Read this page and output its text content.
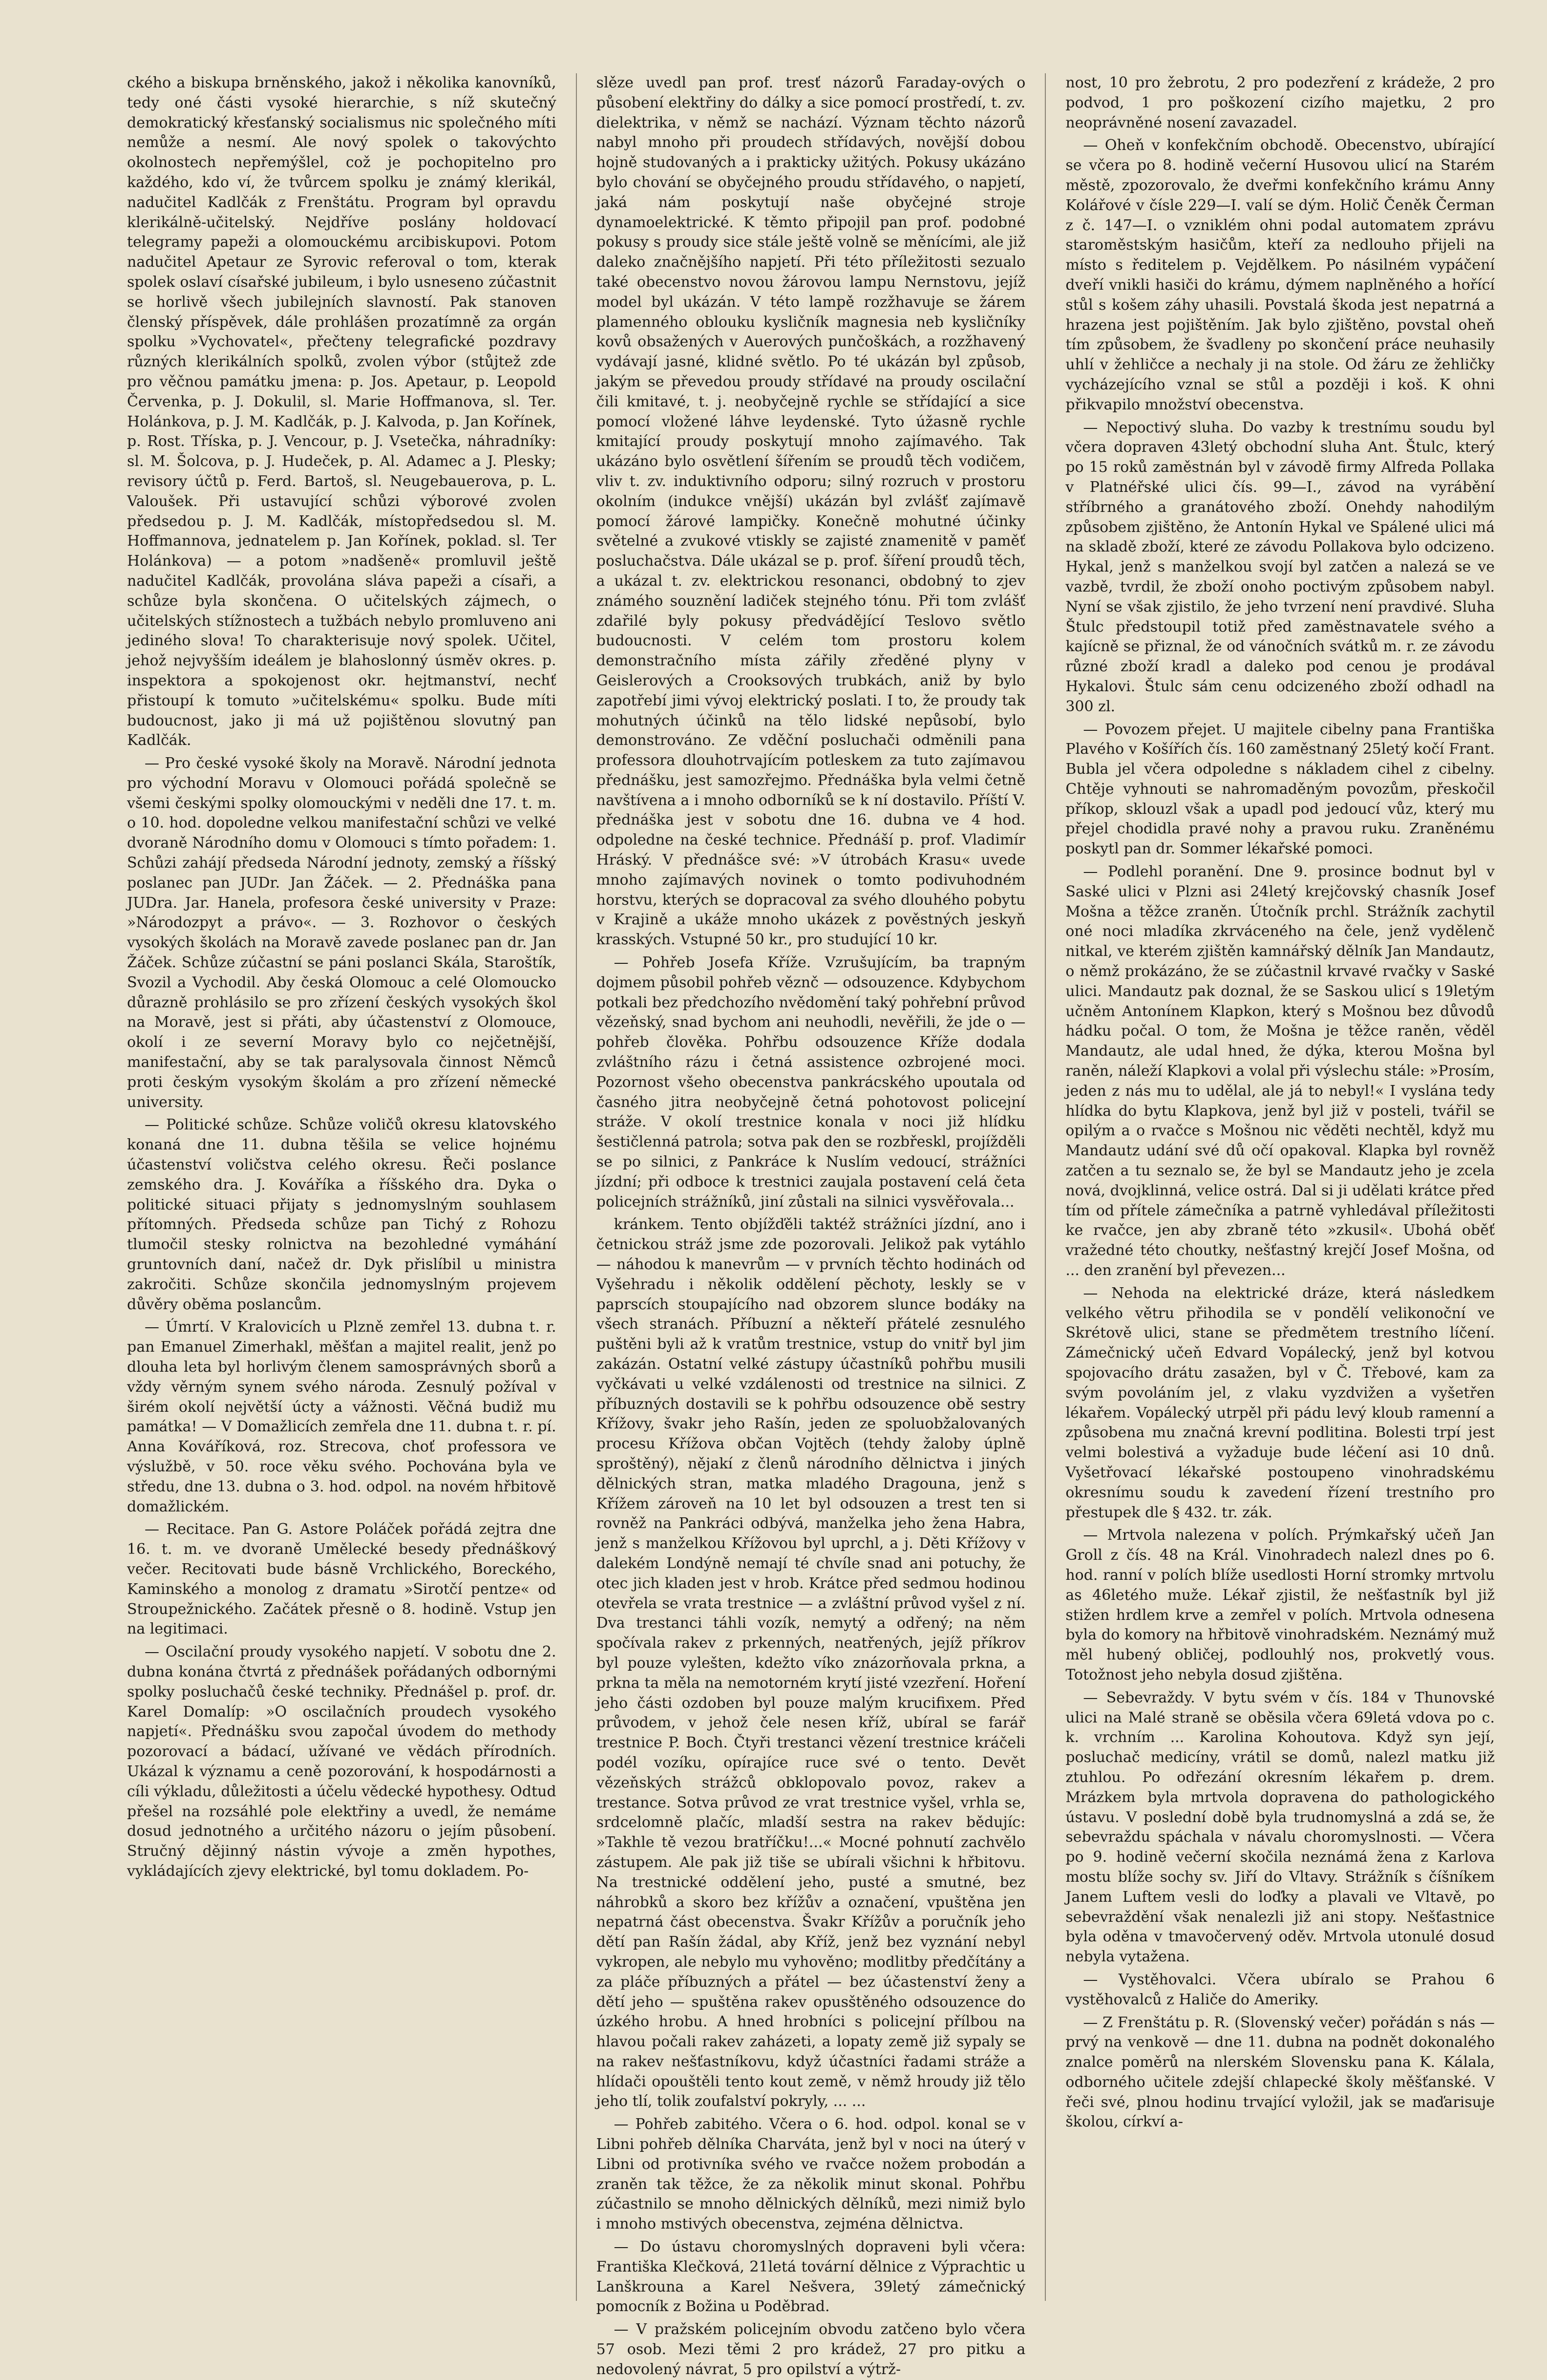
ckého a biskupa brněnského, jakož i několika kanovníků, tedy oné části vysoké hierarchie, s níž skutečný demokratický křesťanský socialismus nic společného míti nemůže a nesmí. Ale nový spolek o takovýchto okolnostech nepřemýšlel, což je pochopitelno pro každého, kdo ví, že tvůrcem spolku je známý klerikál, nadučitel Kadlčák z Frenštátu. Program byl opravdu klerikálně-učitelský. Nejdříve poslány holdovací telegramy papeži a olomouckému arcibiskupovi. Potom nadučitel Apetaur ze Syrovic referoval o tom, kterak spolek oslaví císařské jubileum, i bylo usneseno zúčastnit se horlivě všech jubilejních slavností. Pak stanoven členský příspěvek, dále prohlášen prozatímně za orgán spolku »Vychovatel«, přečteny telegrafické pozdravy různých klerikálních spolků, zvolen výbor (stůjtež zde pro věčnou památku jmena: p. Jos. Apetaur, p. Leopold Červenka, p. J. Dokulil, sl. Marie Hoffmanova, sl. Ter. Holánkova, p. J. M. Kadlčák, p. J. Kalvoda, p. Jan Kořínek, p. Rost. Tříska, p. J. Vencour, p. J. Vsetečka, náhradníky: sl. M. Šolcova, p. J. Hudeček, p. Al. Adamec a J. Plesky; revisory účtů p. Ferd. Bartoš, sl. Neugebauerova, p. L. Valoušek. Při ustavující schůzi výborové zvolen předsedou p. J. M. Kadlčák, místopředsedou sl. M. Hoffmannova, jednatelem p. Jan Kořínek, poklad. sl. Ter Holánkova) — a potom »nadšeně« promluvil ještě nadučitel Kadlčák, provolána sláva papeži a císaři, a schůze byla skončena. O učitelských zájmech, o učitelských stížnostech a tužbách nebylo promluveno ani jediného slova! To charakterisuje nový spolek. Učitel, jehož nejvyšším ideálem je blahoslonný úsměv okres. p. inspektora a spokojenost okr. hejtmanství, nechť přistoupí k tomuto »učitelskému« spolku. Bude míti budoucnost, jako ji má už pojištěnou slovutný pan Kadlčák.

— Pro české vysoké školy na Moravě. Národní jednota pro východní Moravu v Olomouci pořádá společně se všemi českými spolky olomouckými v neděli dne 17. t. m. o 10. hod. dopoledne velkou manifestační schůzi ve velké dvoraně Národního domu v Olomouci s tímto pořadem: 1. Schůzi zahájí předseda Národní jednoty, zemský a říšský poslanec pan JUDr. Jan Žáček. — 2. Přednáška pana JUDra. Jar. Hanela, profesora české university v Praze: »Národozpyt a právo«. — 3. Rozhovor o českých vysokých školách na Moravě zavede poslanec pan dr. Jan Žáček. Schůze zúčastní se páni poslanci Skála, Staroštík, Svozil a Vychodil. Aby česká Olomouc a celé Olomoucko důrazně prohlásilo se pro zřízení českých vysokých škol na Moravě, jest si přáti, aby účastenství z Olomouce, okolí i ze severní Moravy bylo co nejčetnější, manifestační, aby se tak paralysovala činnost Němců proti českým vysokým školám a pro zřízení německé university.

— Politické schůze. Schůze voličů okresu klatovského konaná dne 11. dubna těšila se velice hojnému účastenství voličstva celého okresu. Řeči poslance zemského dra. J. Kováříka a říšského dra. Dyka o politické situaci přijaty s jednomyslným souhlasem přítomných. Předseda schůze pan Tichý z Rohozu tlumočil stesky rolnictva na bezohledné vymáhání gruntovních daní, načež dr. Dyk přislíbil u ministra zakročiti. Schůze skončila jednomyslným projevem důvěry oběma poslancům.

— Úmrtí. V Kralovicích u Plzně zemřel 13. dubna t. r. pan Emanuel Zimerhakl, měšťan a majitel realit, jenž po dlouha leta byl horlivým členem samosprávných sborů a vždy věrným synem svého národa. Zesnulý požíval v širém okolí největší úcty a vážnosti. Věčná budiž mu památka! — V Domažlicích zemřela dne 11. dubna t. r. pí. Anna Kováříková, roz. Strecova, choť professora ve výslužbě, v 50. roce věku svého. Pochována byla ve středu, dne 13. dubna o 3. hod. odpol. na novém hřbitově domažlickém.

— Recitace. Pan G. Astore Poláček pořádá zejtra dne 16. t. m. ve dvoraně Umělecké besedy přednáškový večer. Recitovati bude básně Vrchlického, Boreckého, Kaminského a monolog z dramatu »Sirotčí pentze« od Stroupežnického. Začátek přesně o 8. hodině. Vstup jen na legitimaci.

— Oscilační proudy vysokého napjetí. V sobotu dne 2. dubna konána čtvrtá z přednášek pořádaných odbornými spolky posluchačů české techniky. Přednášel p. prof. dr. Karel Domalíp: »O oscilačních proudech vysokého napjetí«. Přednášku svou započal úvodem do methody pozorovací a bádací, užívané ve vědách přírodních. Ukázal k významu a ceně pozorování, k hospodárnosti a cíli výkladu, důležitosti a účelu vědecké hypothesy. Odtud přešel na rozsáhlé pole elektřiny a uvedl, že nemáme dosud jednotného a určitého názoru o jejím působení. Stručný dějinný nástin vývoje a změn hypothes, vykládajících zjevy elektrické, byl tomu dokladem. Po-

slěze uvedl pan prof. tresť názorů Faraday-ových o působení elektřiny do dálky a sice pomocí prostředí, t. zv. dielektrika, v němž se nachází. Význam těchto názorů nabyl mnoho při proudech střídavých, novější dobou hojně studovaných a i prakticky užitých. Pokusy ukázáno bylo chování se obyčejného proudu střídavého, o napjetí, jaká nám poskytují naše obyčejné stroje dynamoelektrické. K těmto připojil pan prof. podobné pokusy s proudy sice stále ještě volně se měnícími, ale již daleko značnějšího napjetí. Při této příležitosti sezualo také obecenstvo novou žárovou lampu Nernstovu, jejíž model byl ukázán. V této lampě rozžhavuje se žárem plamenného oblouku kysličník magnesia neb kysličníky kovů obsažených v Auerových punčoškách, a rozžhavený vydávají jasné, klidné světlo. Po té ukázán byl způsob, jakým se převedou proudy střídavé na proudy oscilační čili kmitavé, t. j. neobyčejně rychle se střídající a sice pomocí vložené láhve leydenské. Tyto úžasně rychle kmitající proudy poskytují mnoho zajímavého. Tak ukázáno bylo osvětlení šířením se proudů těch vodičem, vliv t. zv. induktivního odporu; silný rozruch v prostoru okolním (indukce vnější) ukázán byl zvlášť zajímavě pomocí žárové lampičky. Konečně mohutné účinky světelné a zvukové vtiskly se zajisté znamenitě v paměť posluchačstva. Dále ukázal se p. prof. šíření proudů těch, a ukázal t. zv. elektrickou resonanci, obdobný to zjev známého souznění ladiček stejného tónu. Při tom zvlášť zdařilé byly pokusy předvádějící Teslovo světlo budoucnosti. V celém tom prostoru kolem demonstračního místa zářily zředěné plyny v Geislerových a Crooksových trubkách, aniž by bylo zapotřebí jimi vývoj elektrický poslati. I to, že proudy tak mohutných účinků na tělo lidské nepůsobí, bylo demonstrováno. Ze vděční posluchači odměnili pana professora dlouhotrvajícím potleskem za tuto zajímavou přednášku, jest samozřejmo. Přednáška byla velmi četně navštívena a i mnoho odborníků se k ní dostavilo. Příští V. přednáška jest v sobotu dne 16. dubna ve 4 hod. odpoledne na české technice. Přednáší p. prof. Vladimír Hráský. V přednášce své: »V útrobách Krasu« uvede mnoho zajímavých novinek o tomto podivuhodném horstvu, kterých se dopracoval za svého dlouhého pobytu v Krajině a ukáže mnoho ukázek z pověstných jeskyň krasských. Vstupné 50 kr., pro studující 10 kr.

— Pohřeb Josefa Kříže. Vzrušujícím, ba trapným dojmem působil pohřeb věznč — odsouzence. Kdybychom potkali bez předchozího nvědomění taký pohřební průvod vězeňský, snad bychom ani neuhodli, nevěřili, že jde o — pohřeb člověka. Pohřbu odsouzence Kříže dodala zvláštního rázu i četná assistence ozbrojené moci. Pozornost všeho obecenstva pankrácského upoutala od časného jitra neobyčejně četná pohotovost policejní stráže. V okolí trestnice konala v noci již hlídku šestičlenná patrola; sotva pak den se rozbřeskl, projížděli se po silnici, z Pankráce k Nuslím vedoucí, strážníci jízdní; při odboce k trestnici zaujala postavení celá četa policejních strážníků, jiní zůstali na silnici vysvěřovala...

kránkem. Tento objížďěli taktéž strážníci jízdní, ano i četnickou stráž jsme zde pozorovali. Jelikož pak vytáhlo — náhodou k manevrům — v prvních těchto hodinách od Vyšehradu i několik oddělení pěchoty, leskly se v paprscích stoupajícího nad obzorem slunce bodáky na všech stranách. Příbuzní a někteří přátelé zesnulého puštěni byli až k vratům trestnice, vstup do vnitř byl jim zakázán. Ostatní velké zástupy účastníků pohřbu musili vyčkávati u velké vzdálenosti od trestnice na silnici. Z příbuzných dostavili se k pohřbu odsouzence obě sestry Křížovy, švakr jeho Rašín, jeden ze spoluobžalovaných procesu Křížova občan Vojtěch (tehdy žaloby úplně sproštěný), nějakí z členů národního dělnictva i jiných dělnických stran, matka mladého Dragouna, jenž s Křížem zároveň na 10 let byl odsouzen a trest ten si rovněž na Pankráci odbývá, manželka jeho žena Habra, jenž s manželkou Křížovou byl uprchl, a j. Děti Křížovy v dalekém Londýně nemají té chvíle snad ani potuchy, že otec jich kladen jest v hrob. Krátce před sedmou hodinou otevřela se vrata trestnice — a zvláštní průvod vyšel z ní. Dva trestanci táhli vozík, nemytý a odřený; na něm spočívala rakev z prkenných, neatřených, jejíž příkrov byl pouze vylešten, kdežto víko znázorňovala prkna, a prkna ta měla na nemotorném krytí jisté vzezření. Hoření jeho části ozdoben byl pouze malým krucifixem. Před průvodem, v jehož čele nesen kříž, ubíral se farář trestnice P. Boch. Čtyři trestanci vězení trestnice kráčeli podél vozíku, opírajíce ruce své o tento. Devět vězeňských strážců obklopovalo povoz, rakev a trestance. Sotva průvod ze vrat trestnice vyšel, vrhla se, srdcelomně plačíc, mladší sestra na rakev bědujíc: »Takhle tě vezou bratříčku!...« Mocné pohnutí zachvělo zástupem. Ale pak již tiše se ubírali všichni k hřbitovu. Na trestnické oddělení jeho, pusté a smutné, bez náhrobků a skoro bez křížův a označení, vpuštěna jen nepatrná část obecenstva. Švakr Křížův a poručník jeho dětí pan Rašín žádal, aby Kříž, jenž bez vyznání nebyl vykropen, ale nebylo mu vyhověno; modlitby předčítány a za pláče příbuzných a přátel — bez účastenství ženy a dětí jeho — spuštěna rakev opusštěného odsouzence do úzkého hrobu. A hned hrobníci s policejní přílbou na hlavou počali rakev zaházeti, a lopaty země již sypaly se na rakev nešťastníkovu, když účastníci řadami stráže a hlídači opouštěli tento kout země, v němž hroudy již tělo jeho tlí, tolik zoufalství pokryly, ... ...

— Pohřeb zabitého. Včera o 6. hod. odpol. konal se v Libni pohřeb dělníka Charváta, jenž byl v noci na úterý v Libni od protivníka svého ve rvačce nožem probodán a zraněn tak těžce, že za několik minut skonal. Pohřbu zúčastnilo se mnoho dělnických dělníků, mezi nimiž bylo i mnoho mstivých obecenstva, zejména dělnictva.

— Do ústavu choromyslných dopraveni byli včera: Františka Klečková, 21letá tovární dělnice z Výprachtic u Lanškrouna a Karel Nešvera, 39letý zámečnický pomocník z Božina u Poděbrad.

— V pražském policejním obvodu zatčeno bylo včera 57 osob. Mezi těmi 2 pro krádež, 27 pro pitku a nedovolený návrat, 5 pro opilství a výtrž-

nost, 10 pro žebrotu, 2 pro podezření z krádeže, 2 pro podvod, 1 pro poškození cizího majetku, 2 pro neoprávněné nosení zavazadel.

— Oheň v konfekčním obchodě. Obecenstvo, ubírající se včera po 8. hodině večerní Husovou ulicí na Starém městě, zpozorovalo, že dveřmi konfekčního krámu Anny Kolářové v čísle 229—I. valí se dým. Holič Čeněk Čerman z č. 147—I. o vzniklém ohni podal automatem zprávu staroměstským hasičům, kteří za nedlouho přijeli na místo s ředitelem p. Vejdělkem. Po násilném vypáčení dveří vnikli hasiči do krámu, dýmem naplněného a hořící stůl s košem záhy uhasili. Povstalá škoda jest nepatrná a hrazena jest pojištěním. Jak bylo zjištěno, povstal oheň tím způsobem, že švadleny po skončení práce neuhasily uhlí v žehličce a nechaly ji na stole. Od žáru ze žehličky vycházejícího vznal se stůl a později i koš. K ohni přikvapilo množství obecenstva.

— Nepoctivý sluha. Do vazby k trestnímu soudu byl včera dopraven 43letý obchodní sluha Ant. Štulc, který po 15 roků zaměstnán byl v závodě firmy Alfreda Pollaka v Platnéřské ulici čís. 99—I., závod na vyrábění stříbrného a granátového zboží. Onehdy nahodilým způsobem zjištěno, že Antonín Hykal ve Spálené ulici má na skladě zboží, které ze závodu Pollakova bylo odcizeno. Hykal, jenž s manželkou svojí byl zatčen a nalezá se ve vazbě, tvrdil, že zboží onoho poctivým způsobem nabyl. Nyní se však zjistilo, že jeho tvrzení není pravdivé. Sluha Štulc předstoupil totiž před zaměstnavatele svého a kajícně se přiznal, že od vánočních svátků m. r. ze závodu různé zboží kradl a daleko pod cenou je prodával Hykalovi. Štulc sám cenu odcizeného zboží odhadl na 300 zl.

— Povozem přejet. U majitele cibelny pana Františka Plavého v Košířích čís. 160 zaměstnaný 25letý kočí Frant. Bubla jel včera odpoledne s nákladem cihel z cibelny. Chtěje vyhnouti se nahromaděným povozům, přeskočil příkop, sklouzl však a upadl pod jedoucí vůz, který mu přejel chodidla pravé nohy a pravou ruku. Zraněnému poskytl pan dr. Sommer lékařské pomoci.

— Podlehl poranění. Dne 9. prosince bodnut byl v Saské ulici v Plzni asi 24letý krejčovský chasník Josef Mošna a těžce zraněn. Útočník prchl. Strážník zachytil oné noci mladíka zkrváceného na čele, jenž vydělenč nitkal, ve kterém zjištěn kamnářský dělník Jan Mandautz, o němž prokázáno, že se zúčastnil krvavé rvačky v Saské ulici. Mandautz pak doznal, že se Saskou ulicí s 19letým učněm Antonínem Klapkon, který s Mošnou bez důvodů hádku počal. O tom, že Mošna je těžce raněn, věděl Mandautz, ale udal hned, že dýka, kterou Mošna byl raněn, náleží Klapkovi a volal při výslechu stále: »Prosím, jeden z nás mu to udělal, ale já to nebyl!« I vyslána tedy hlídka do bytu Klapkova, jenž byl již v posteli, tvářil se opilým a o rvačce s Mošnou nic věděti nechtěl, když mu Mandautz udání své dů očí opakoval. Klapka byl rovněž zatčen a tu seznalo se, že byl se Mandautz jeho je zcela nová, dvojklinná, velice ostrá. Dal si ji udělati krátce před tím od přítele zámečníka a patrně vyhledával příležitosti ke rvačce, jen aby zbraně této »zkusil«. Ubohá oběť vražedné této choutky, nešťastný krejčí Josef Mošna, od ... den zranění byl převezen...

— Nehoda na elektrické dráze, která následkem velkého větru přihodila se v pondělí velikonoční ve Skrétově ulici, stane se předmětem trestního líčení. Zámečnický učeň Edvard Vopálecký, jenž byl kotvou spojovacího drátu zasažen, byl v Č. Třebové, kam za svým povoláním jel, z vlaku vyzdvižen a vyšetřen lékařem. Vopálecký utrpěl při pádu levý kloub ramenní a způsobena mu značná krevní podlitina. Bolesti trpí jest velmi bolestivá a vyžaduje bude léčení asi 10 dnů. Vyšetřovací lékařské postoupeno vinohradskému okresnímu soudu k zavedení řízení trestního pro přestupek dle § 432. tr. zák.

— Mrtvola nalezena v polích. Prýmkařský učeň Jan Groll z čís. 48 na Král. Vinohradech nalezl dnes po 6. hod. ranní v polích blíže usedlosti Horní stromky mrtvolu as 46letého muže. Lékař zjistil, že nešťastník byl již stižen hrdlem krve a zemřel v polích. Mrtvola odnesena byla do komory na hřbitově vinohradském. Neznámý muž měl hubený obličej, podlouhlý nos, prokvetlý vous. Totožnost jeho nebyla dosud zjištěna.

— Sebevraždy. V bytu svém v čís. 184 v Thunovské ulici na Malé straně se oběsila včera 69letá vdova po c. k. vrchním ... Karolina Kohoutova. Když syn její, posluchač medicíny, vrátil se domů, nalezl matku již ztuhlou. Po odřezání okresním lékařem p. drem. Mrázkem byla mrtvola dopravena do pathologického ústavu. V poslední době byla trudnomyslná a zdá se, že sebevraždu spáchala v návalu choromyslnosti. — Včera po 9. hodině večerní skočila neznámá žena z Karlova mostu blíže sochy sv. Jiří do Vltavy. Strážník s číšníkem Janem Luftem vesli do loďky a plavali ve Vltavě, po sebevraždění však nenalezli již ani stopy. Nešťastnice byla oděna v tmavočervený oděv. Mrtvola utonulé dosud nebyla vytažena.

— Vystěhovalci. Včera ubíralo se Prahou 6 vystěhovalců z Haliče do Ameriky.

— Z Frenštátu p. R. (Slovenský večer) pořádán s nás — prvý na venkově — dne 11. dubna na podnět dokonalého znalce poměrů na nlerském Slovensku pana K. Kálala, odborného učitele zdejší chlapecké školy měšťanské. V řeči své, plnou hodinu trvající vyložil, jak se maďarisuje školou, církví a-
